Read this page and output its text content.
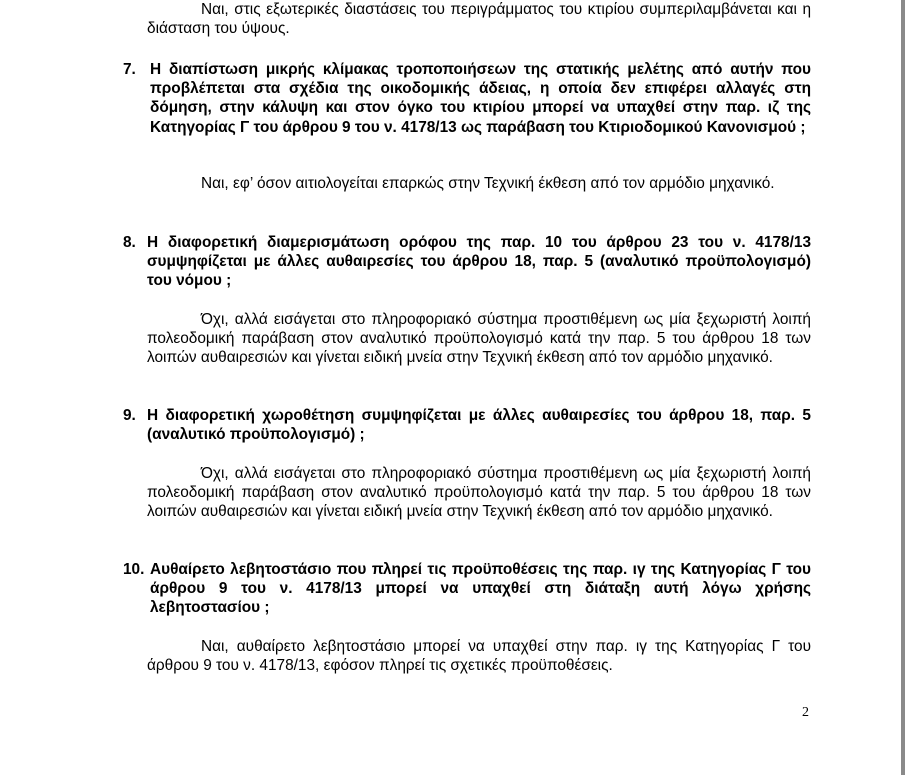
Ναι, στις εξωτερικές διαστάσεις του περιγράμματος του κτιρίου συμπεριλαμβάνεται και η διάσταση του ύψους.
7. Η διαπίστωση μικρής κλίμακας τροποποιήσεων της στατικής μελέτης από αυτήν που προβλέπεται στα σχέδια της οικοδομικής άδειας, η οποία δεν επιφέρει αλλαγές στη δόμηση, στην κάλυψη και στον όγκο του κτιρίου μπορεί να υπαχθεί στην παρ. ιζ της Κατηγορίας Γ του άρθρου 9 του ν. 4178/13 ως παράβαση του Κτιριοδομικού Κανονισμού ;
Ναι, εφ’ όσον αιτιολογείται επαρκώς στην Τεχνική έκθεση από τον αρμόδιο μηχανικό.
8. Η διαφορετική διαμερισμάτωση ορόφου της παρ. 10 του άρθρου 23 του ν. 4178/13 συμψηφίζεται με άλλες αυθαιρεσίες του άρθρου 18, παρ. 5 (αναλυτικό προϋπολογισμό) του νόμου ;
Όχι, αλλά εισάγεται στο πληροφοριακό σύστημα προστιθέμενη ως μία ξεχωριστή λοιπή πολεοδομική παράβαση στον αναλυτικό προϋπολογισμό κατά την παρ. 5 του άρθρου 18 των λοιπών αυθαιρεσιών και γίνεται ειδική μνεία στην Τεχνική έκθεση από τον αρμόδιο μηχανικό.
9. Η διαφορετική χωροθέτηση συμψηφίζεται με άλλες αυθαιρεσίες του άρθρου 18, παρ. 5 (αναλυτικό προϋπολογισμό) ;
Όχι, αλλά εισάγεται στο πληροφοριακό σύστημα προστιθέμενη ως μία ξεχωριστή λοιπή πολεοδομική παράβαση στον αναλυτικό προϋπολογισμό κατά την παρ. 5 του άρθρου 18 των λοιπών αυθαιρεσιών και γίνεται ειδική μνεία στην Τεχνική έκθεση από τον αρμόδιο μηχανικό.
10. Αυθαίρετο λεβητοστάσιο που πληρεί τις προϋποθέσεις της παρ. ιγ της Κατηγορίας Γ του άρθρου 9 του ν. 4178/13 μπορεί να υπαχθεί στη διάταξη αυτή λόγω χρήσης λεβητοστασίου ;
Ναι, αυθαίρετο λεβητοστάσιο μπορεί να υπαχθεί στην παρ. ιγ της Κατηγορίας Γ του άρθρου 9 του ν. 4178/13, εφόσον πληρεί τις σχετικές προϋποθέσεις.
2
